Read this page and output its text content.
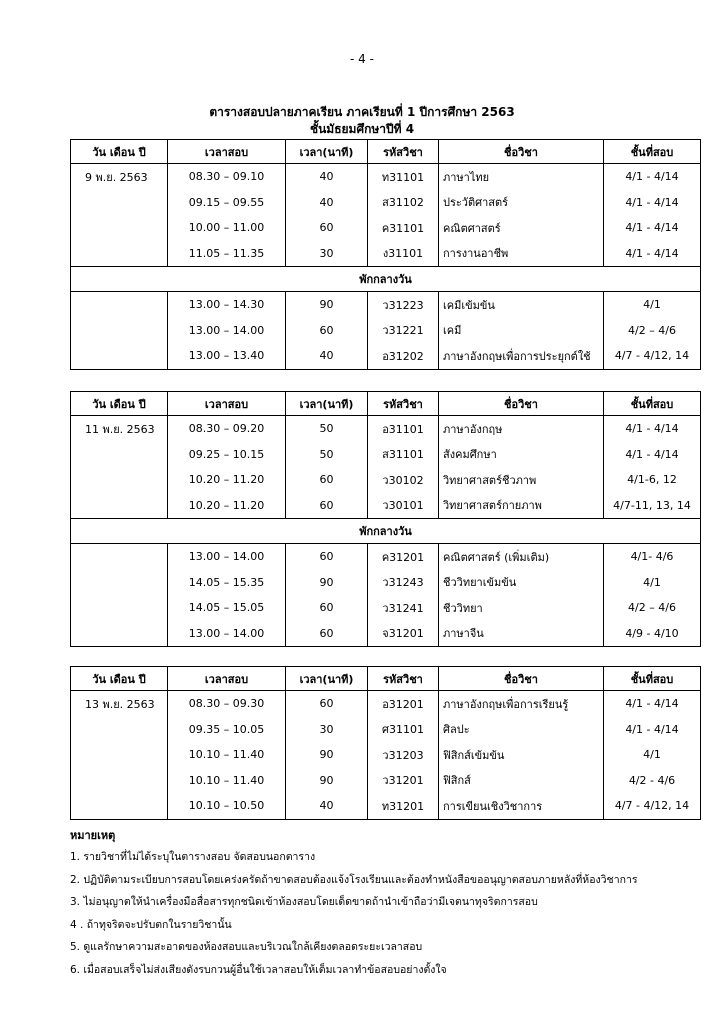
- 4 -
ตารางสอบปลายภาคเรียน ภาคเรียนที่ 1 ปีการศึกษา 2563
ชั้นมัธยมศึกษาปีที่ 4
วัน เดือน ปี	เวลาสอบ	เวลา(นาที)	รหัสวิชา	ชื่อวิชา	ชั้นที่สอบ
9 พ.ย. 2563	08.30 – 09.10	40	ท31101	ภาษาไทย	4/1 - 4/14
	09.15 – 09.55	40	ส31102	ประวัติศาสตร์	4/1 - 4/14
	10.00 – 11.00	60	ค31101	คณิตศาสตร์	4/1 - 4/14
	11.05 – 11.35	30	ง31101	การงานอาชีพ	4/1 - 4/14
พักกลางวัน					
	13.00 – 14.30	90	ว31223	เคมีเข้มข้น	4/1
	13.00 – 14.00	60	ว31221	เคมี	4/2 – 4/6
	13.00 – 13.40	40	อ31202	ภาษาอังกฤษเพื่อการประยุกต์ใช้	4/7 - 4/12, 14
วัน เดือน ปี	เวลาสอบ	เวลา(นาที)	รหัสวิชา	ชื่อวิชา	ชั้นที่สอบ
11 พ.ย. 2563	08.30 – 09.20	50	อ31101	ภาษาอังกฤษ	4/1 - 4/14
	09.25 – 10.15	50	ส31101	สังคมศึกษา	4/1 - 4/14
	10.20 – 11.20	60	ว30102	วิทยาศาสตร์ชีวภาพ	4/1-6, 12
	10.20 – 11.20	60	ว30101	วิทยาศาสตร์กายภาพ	4/7-11, 13, 14
พักกลางวัน					
	13.00 – 14.00	60	ค31201	คณิตศาสตร์ (เพิ่มเติม)	4/1- 4/6
	14.05 – 15.35	90	ว31243	ชีววิทยาเข้มข้น	4/1
	14.05 – 15.05	60	ว31241	ชีววิทยา	4/2 – 4/6
	13.00 – 14.00	60	จ31201	ภาษาจีน	4/9 - 4/10
วัน เดือน ปี	เวลาสอบ	เวลา(นาที)	รหัสวิชา	ชื่อวิชา	ชั้นที่สอบ
13 พ.ย. 2563	08.30 – 09.30	60	อ31201	ภาษาอังกฤษเพื่อการเรียนรู้	4/1 - 4/14
	09.35 – 10.05	30	ศ31101	ศิลปะ	4/1 - 4/14
	10.10 – 11.40	90	ว31203	ฟิสิกส์เข้มข้น	4/1
	10.10 – 11.40	90	ว31201	ฟิสิกส์	4/2 - 4/6
	10.10 – 10.50	40	ท31201	การเขียนเชิงวิชาการ	4/7 - 4/12, 14
หมายเหตุ
1. รายวิชาที่ไม่ได้ระบุในตารางสอบ จัดสอบนอกตาราง
2. ปฏิบัติตามระเบียบการสอบโดยเคร่งครัดถ้าขาดสอบต้องแจ้งโรงเรียนและต้องทำหนังสือขออนุญาตสอบภายหลังที่ห้องวิชาการ
3. ไม่อนุญาตให้นำเครื่องมือสื่อสารทุกชนิดเข้าห้องสอบโดยเด็ดขาดถ้านำเข้าถือว่ามีเจตนาทุจริตการสอบ
4 . ถ้าทุจริตจะปรับตกในรายวิชานั้น
5. ดูแลรักษาความสะอาดของห้องสอบและบริเวณใกล้เคียงตลอดระยะเวลาสอบ
6. เมื่อสอบเสร็จไม่ส่งเสียงดังรบกวนผู้อื่นใช้เวลาสอบให้เต็มเวลาทำข้อสอบอย่างตั้งใจ
